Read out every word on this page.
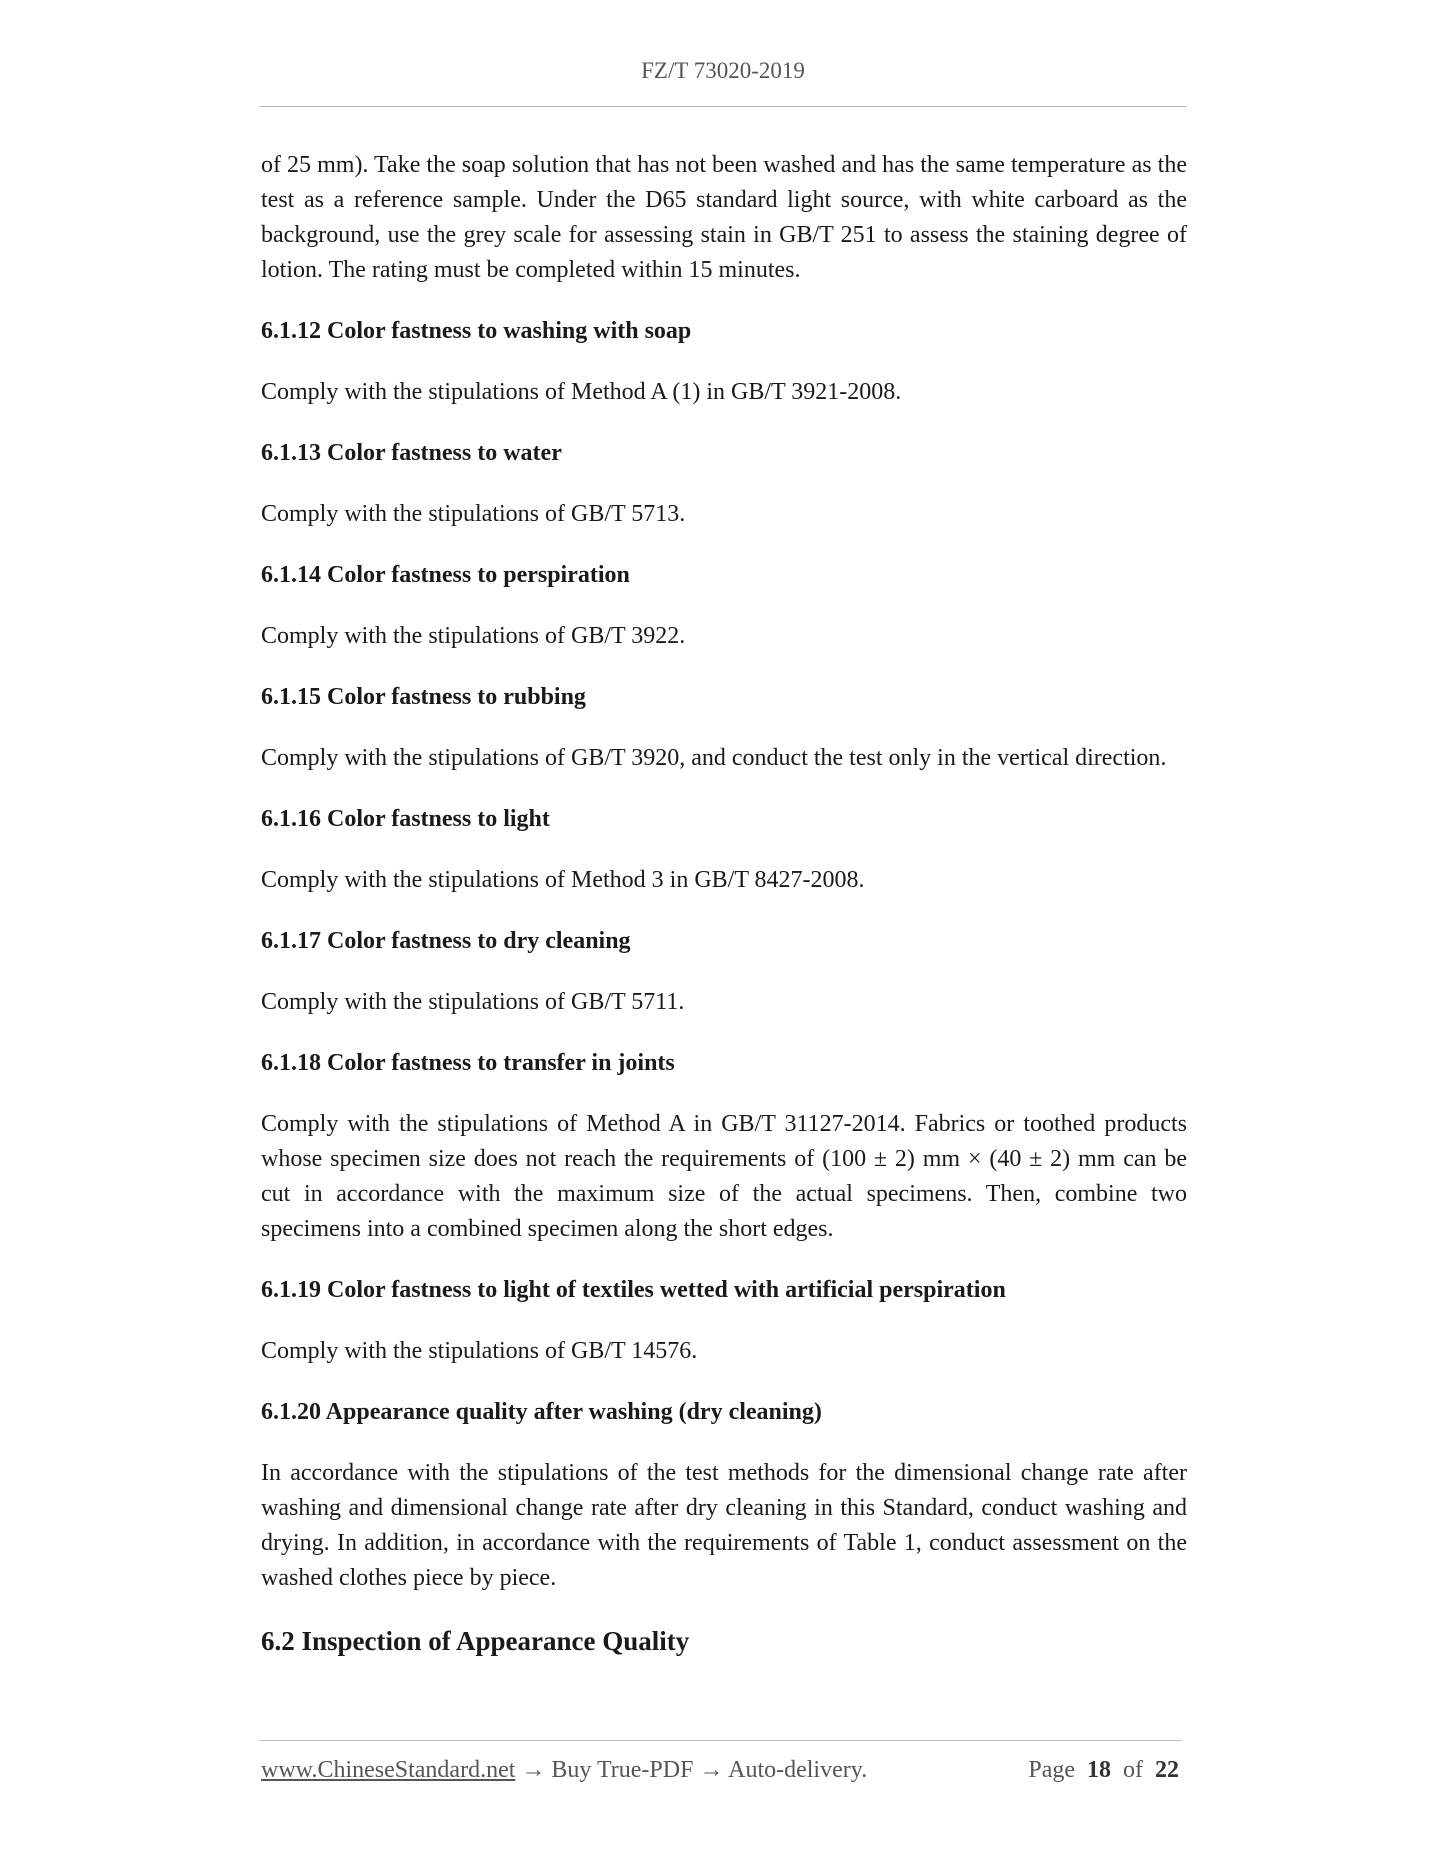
FZ/T 73020-2019

of 25 mm). Take the soap solution that has not been washed and has the same temperature as the test as a reference sample. Under the D65 standard light source, with white carboard as the background, use the grey scale for assessing stain in GB/T 251 to assess the staining degree of lotion. The rating must be completed within 15 minutes.

6.1.12 Color fastness to washing with soap

Comply with the stipulations of Method A (1) in GB/T 3921-2008.

6.1.13 Color fastness to water

Comply with the stipulations of GB/T 5713.

6.1.14 Color fastness to perspiration

Comply with the stipulations of GB/T 3922.

6.1.15 Color fastness to rubbing

Comply with the stipulations of GB/T 3920, and conduct the test only in the vertical direction.

6.1.16 Color fastness to light

Comply with the stipulations of Method 3 in GB/T 8427-2008.

6.1.17 Color fastness to dry cleaning

Comply with the stipulations of GB/T 5711.

6.1.18 Color fastness to transfer in joints

Comply with the stipulations of Method A in GB/T 31127-2014. Fabrics or toothed products whose specimen size does not reach the requirements of (100 ± 2) mm × (40 ± 2) mm can be cut in accordance with the maximum size of the actual specimens. Then, combine two specimens into a combined specimen along the short edges.

6.1.19 Color fastness to light of textiles wetted with artificial perspiration

Comply with the stipulations of GB/T 14576.

6.1.20 Appearance quality after washing (dry cleaning)

In accordance with the stipulations of the test methods for the dimensional change rate after washing and dimensional change rate after dry cleaning in this Standard, conduct washing and drying. In addition, in accordance with the requirements of Table 1, conduct assessment on the washed clothes piece by piece.

6.2 Inspection of Appearance Quality
www.ChineseStandard.net → Buy True-PDF → Auto-delivery.	Page 18 of 22
